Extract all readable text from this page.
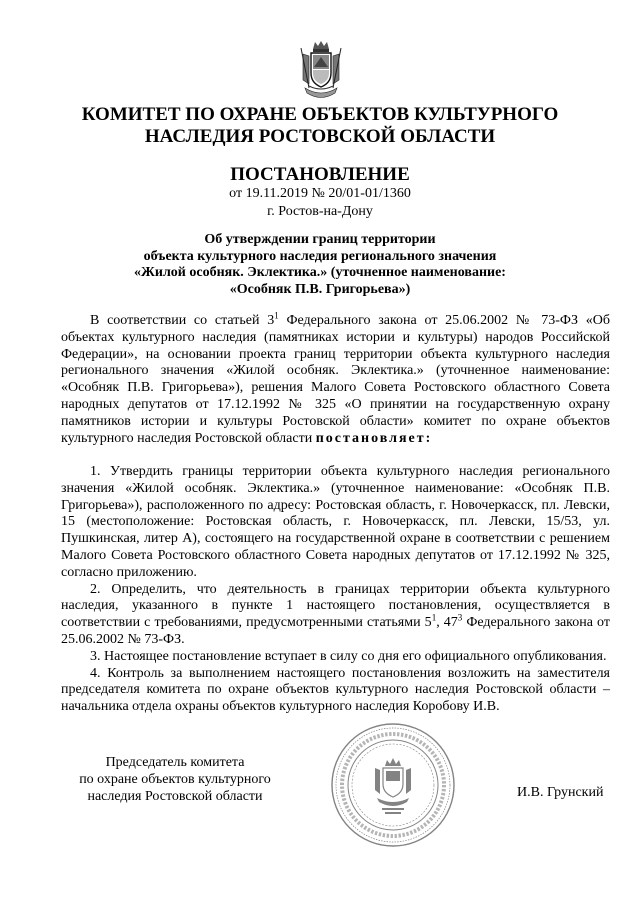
КОМИТЕТ ПО ОХРАНЕ ОБЪЕКТОВ КУЛЬТУРНОГО
НАСЛЕДИЯ РОСТОВСКОЙ ОБЛАСТИ
ПОСТАНОВЛЕНИЕ
от 19.11.2019 № 20/01-01/1360
г. Ростов-на-Дону
Об утверждении границ территории
объекта культурного наследия регионального значения
«Жилой особняк. Эклектика.» (уточненное наименование:
«Особняк П.В. Григорьева»)

В соответствии со статьей $3^1$ Федерального закона от 25.06.2002 № 73-ФЗ «Об объектах культурного наследия (памятниках истории и культуры) народов Российской Федерации», на основании проекта границ территории объекта культурного наследия регионального значения «Жилой особняк. Эклектика.» (уточненное наименование: «Особняк П.В. Григорьева»), решения Малого Совета Ростовского областного Совета народных депутатов от 17.12.1992 № 325 «О принятии на государственную охрану памятников истории и культуры Ростовской области» комитет по охране объектов культурного наследия Ростовской области постановляет:

1. Утвердить границы территории объекта культурного наследия регионального значения «Жилой особняк. Эклектика.» (уточненное наименование: «Особняк П.В. Григорьева»), расположенного по адресу: Ростовская область, г. Новочеркасск, пл. Левски, 15 (местоположение: Ростовская область, г. Новочеркасск, пл. Левски, 15/53, ул. Пушкинская, литер А), состоящего на государственной охране в соответствии с решением Малого Совета Ростовского областного Совета народных депутатов от 17.12.1992 № 325, согласно приложению.

2. Определить, что деятельность в границах территории объекта культурного наследия, указанного в пункте 1 настоящего постановления, осуществляется в соответствии с требованиями, предусмотренными статьями $5^1$, $47^3$ Федерального закона от 25.06.2002 № 73-ФЗ.

3. Настоящее постановление вступает в силу со дня его официального опубликования.

4. Контроль за выполнением настоящего постановления возложить на заместителя председателя комитета по охране объектов культурного наследия Ростовской области – начальника отдела охраны объектов культурного наследия Коробову И.В.

Председатель комитета
по охране объектов культурного
наследия Ростовской области	И.В. Грунский
